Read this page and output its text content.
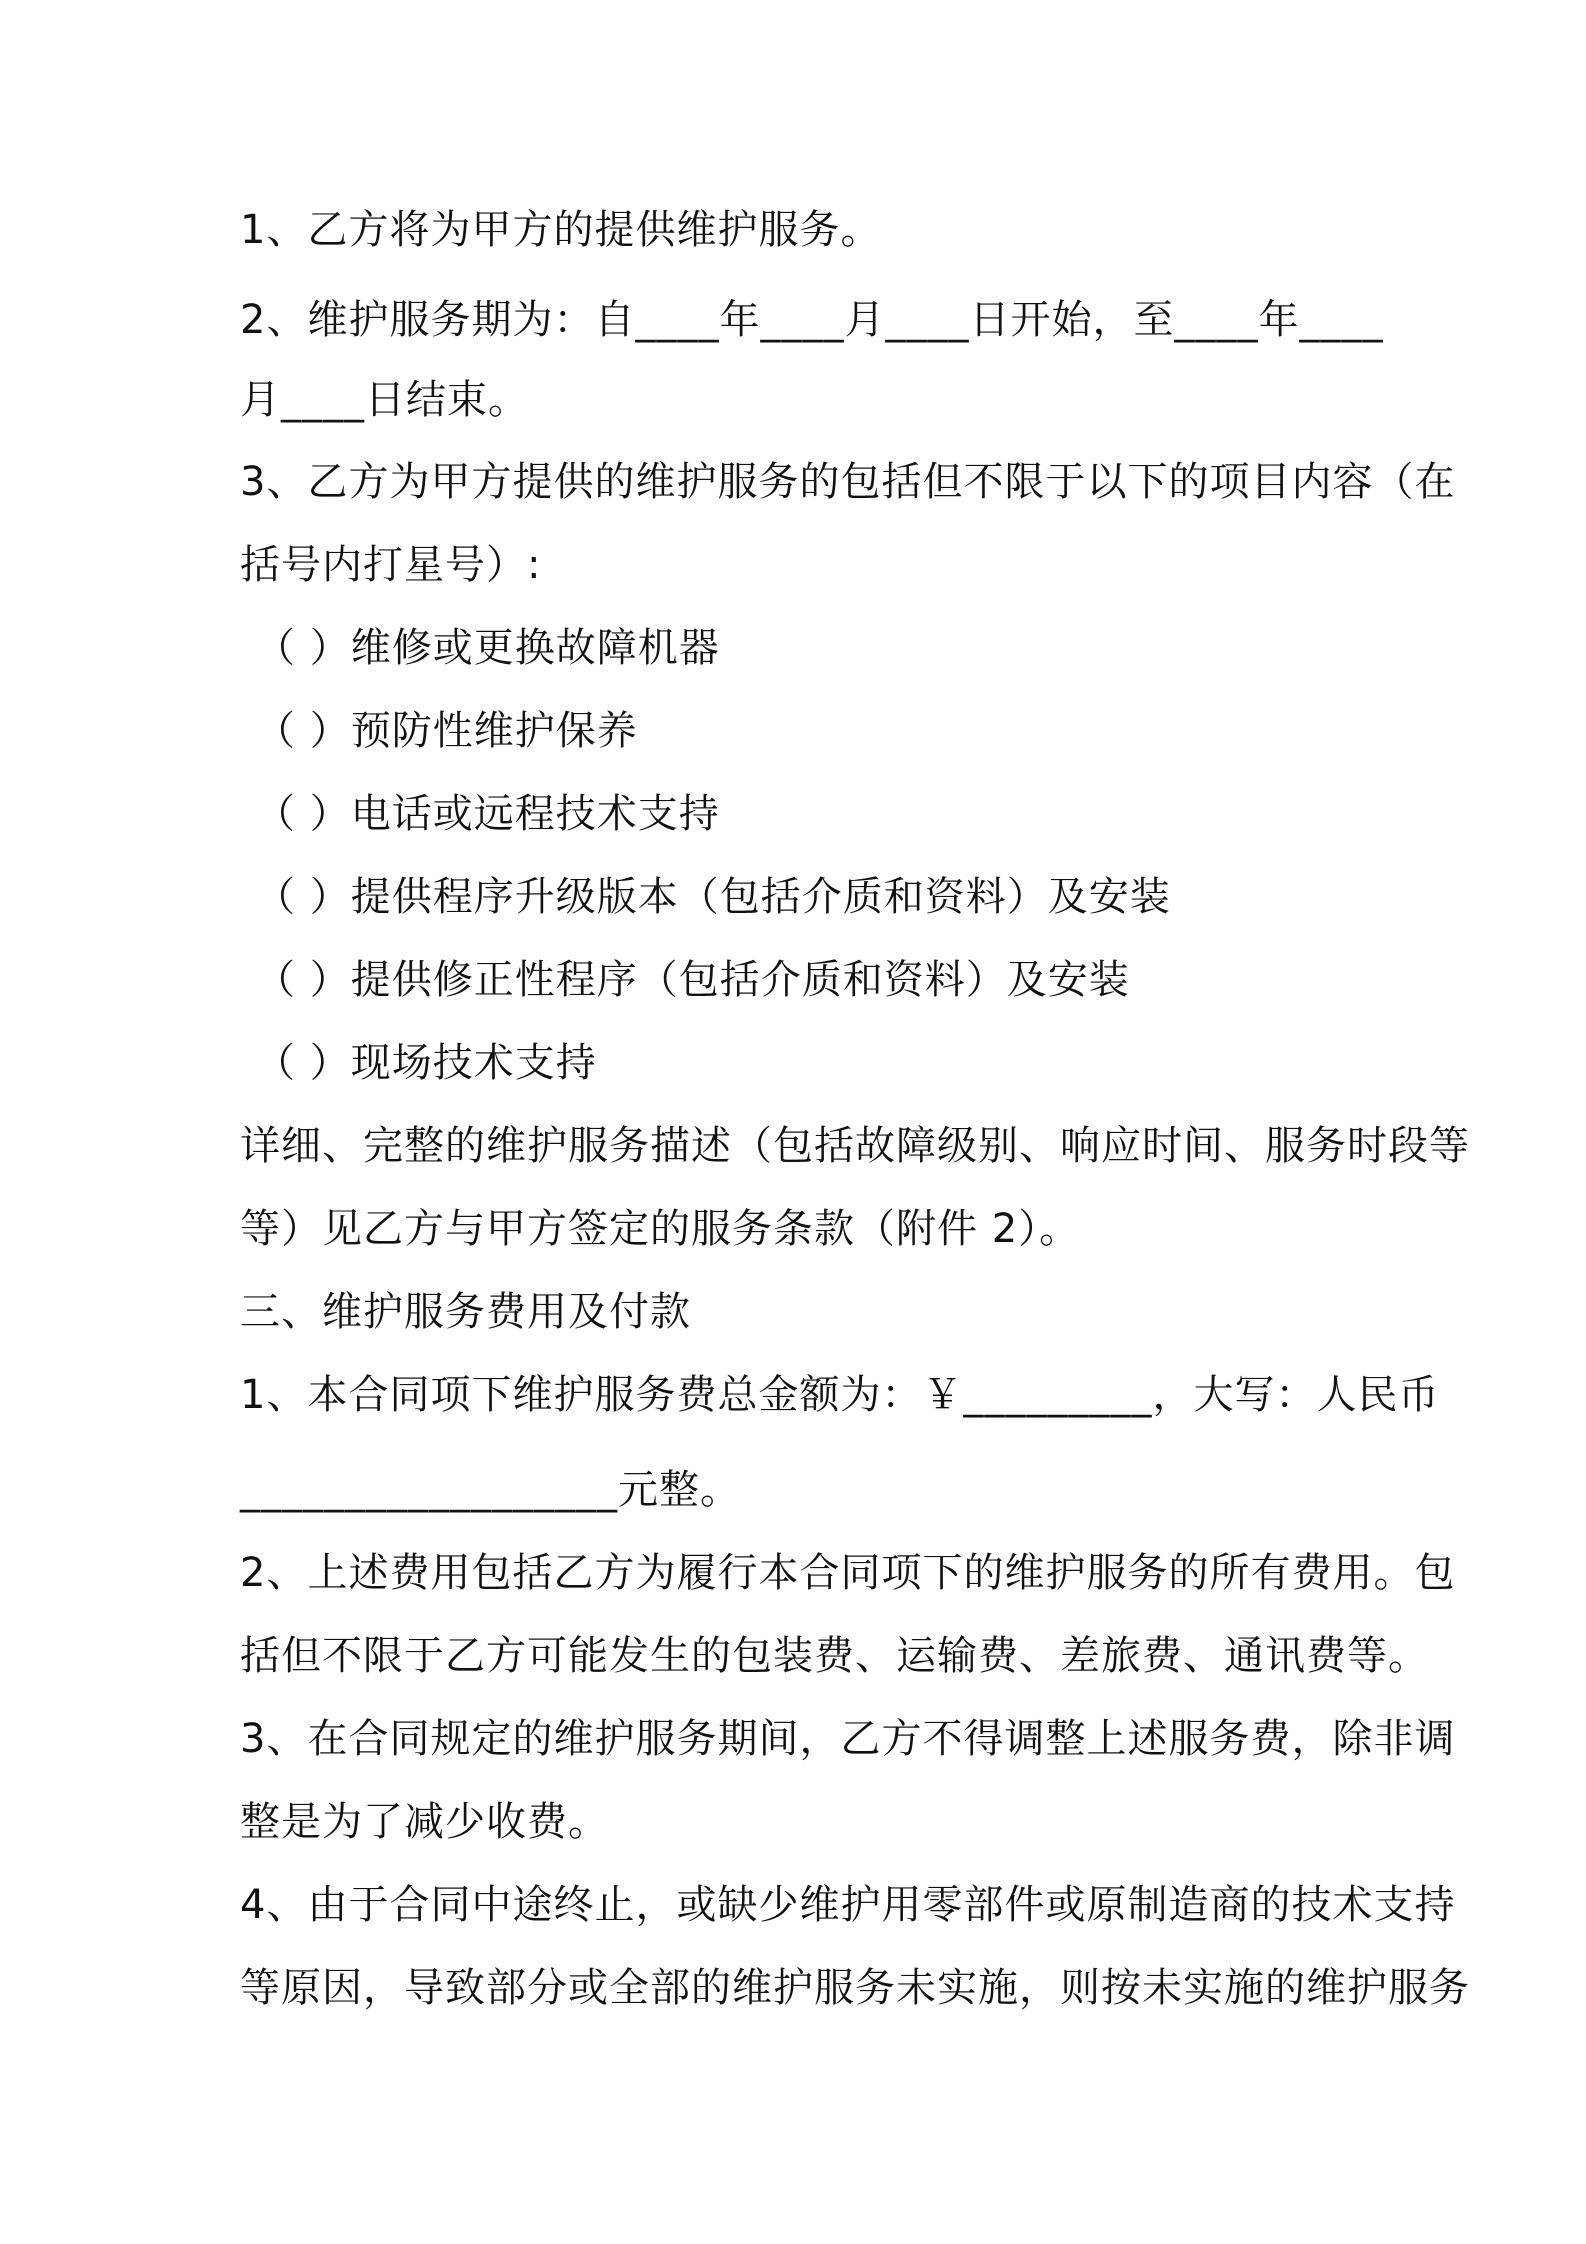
1、乙方将为甲方的提供维护服务。
2、维护服务期为：自____年____月____日开始，至____年____
月____日结束。
3、乙方为甲方提供的维护服务的包括但不限于以下的项目内容（在
括号内打星号）:
（ ）维修或更换故障机器
（ ）预防性维护保养
（ ）电话或远程技术支持
（ ）提供程序升级版本（包括介质和资料）及安装
（ ）提供修正性程序（包括介质和资料）及安装
（ ）现场技术支持
详细、完整的维护服务描述（包括故障级别、响应时间、服务时段等
等）见乙方与甲方签定的服务条款（附件 2）。
三、维护服务费用及付款
1、本合同项下维护服务费总金额为：￥_________，大写：人民币
__________________元整。
2、上述费用包括乙方为履行本合同项下的维护服务的所有费用。包
括但不限于乙方可能发生的包装费、运输费、差旅费、通讯费等。
3、在合同规定的维护服务期间，乙方不得调整上述服务费，除非调
整是为了减少收费。
4、由于合同中途终止，或缺少维护用零部件或原制造商的技术支持
等原因，导致部分或全部的维护服务未实施，则按未实施的维护服务
